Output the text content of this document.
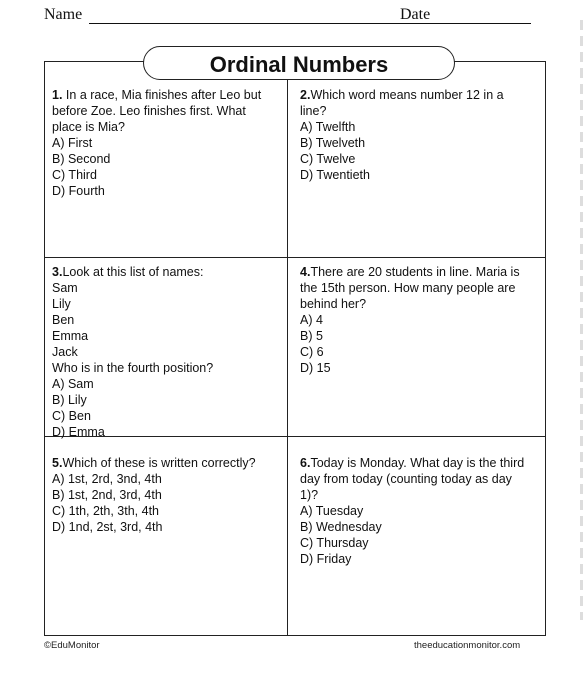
Name	Date
Ordinal Numbers
1. In a race, Mia finishes after Leo but
before Zoe. Leo finishes first. What
place is Mia?
A) First
B) Second
C) Third
D) Fourth
2.Which word means number 12 in a
line?
A) Twelfth
B) Twelveth
C) Twelve
D) Twentieth
3.Look at this list of names:
Sam
Lily
Ben
Emma
Jack
Who is in the fourth position?
A) Sam
B) Lily
C) Ben
D) Emma
4.There are 20 students in line. Maria is
the 15th person. How many people are
behind her?
A) 4
B) 5
C) 6
D) 15
5.Which of these is written correctly?
A) 1st, 2rd, 3nd, 4th
B) 1st, 2nd, 3rd, 4th
C) 1th, 2th, 3th, 4th
D) 1nd, 2st, 3rd, 4th
6.Today is Monday. What day is the third
day from today (counting today as day
1)?
A) Tuesday
B) Wednesday
C) Thursday
D) Friday
©EduMonitor	theeducationmonitor.com
